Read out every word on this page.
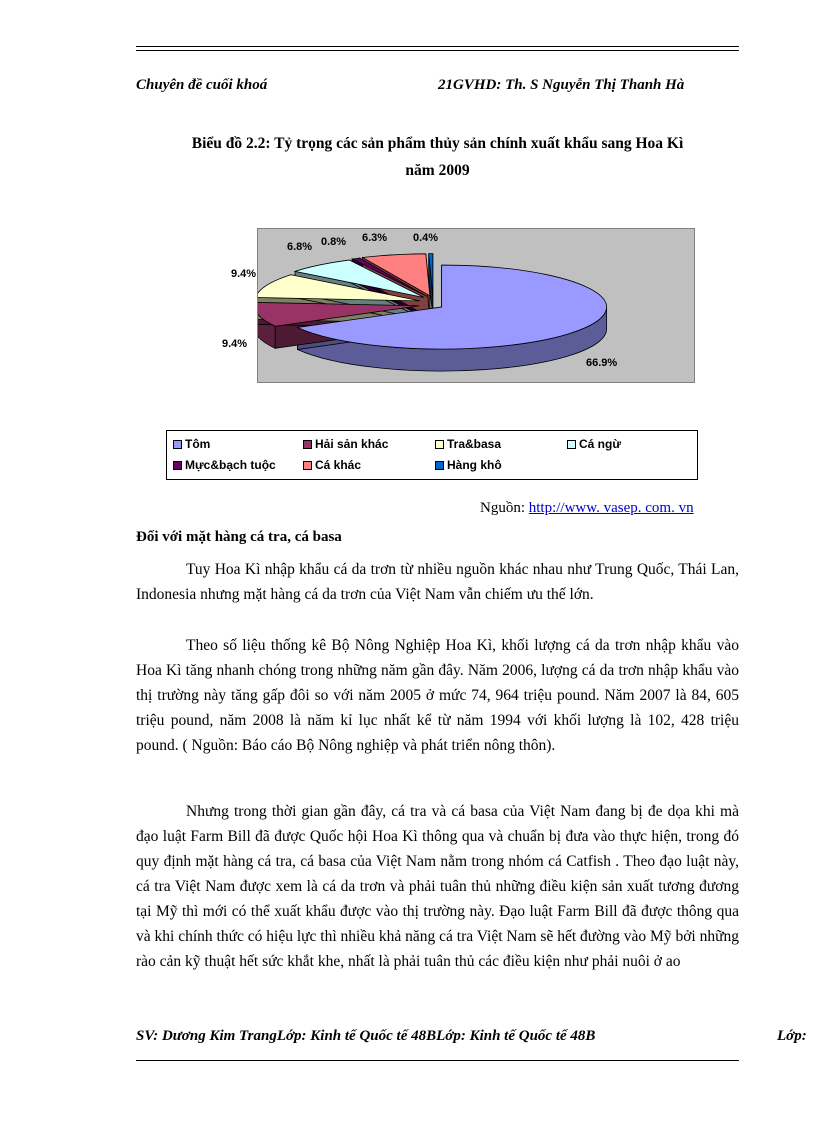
Chuyên đề cuối khoá	21GVHD: Th. S Nguyễn Thị Thanh Hà
Biểu đồ 2.2: Tỷ trọng các sản phẩm thủy sản chính xuất khẩu sang Hoa Kì
năm 2009
66.9%
9.4%
9.4%
6.8% 0.8% 6.3% 0.4%
Tôm	Hải sản khác	Tra&basa	Cá ngừ
Mực&bạch tuộc	Cá khác	Hàng khô
Nguồn: http://www. vasep. com. vn
Đối với mặt hàng cá tra, cá basa
Tuy Hoa Kì nhập khẩu cá da trơn từ nhiều nguồn khác nhau như Trung Quốc, Thái Lan, Indonesia nhưng mặt hàng cá da trơn của Việt Nam vẫn chiếm ưu thế lớn.
Theo số liệu thống kê Bộ Nông Nghiệp Hoa Kì, khối lượng cá da trơn nhập khẩu vào Hoa Kì tăng nhanh chóng trong những năm gần đây. Năm 2006, lượng cá da trơn nhập khẩu vào thị trường này tăng gấp đôi so với năm 2005 ở mức 74, 964 triệu pound. Năm 2007 là 84, 605 triệu pound, năm 2008 là năm kỉ lục nhất kể từ năm 1994 với khối lượng là 102, 428 triệu pound. ( Nguồn: Báo cáo Bộ Nông nghiệp và phát triển nông thôn).
Nhưng trong thời gian gần đây, cá tra và cá basa của Việt Nam đang bị đe dọa khi mà đạo luật Farm Bill đã được Quốc hội Hoa Kì thông qua và chuẩn bị đưa vào thực hiện, trong đó quy định mặt hàng cá tra, cá basa của Việt Nam nằm trong nhóm cá Catfish . Theo đạo luật này, cá tra Việt Nam được xem là cá da trơn và phải tuân thủ những điều kiện sản xuất tương đương tại Mỹ thì mới có thể xuất khẩu được vào thị trường này. Đạo luật Farm Bill đã được thông qua và khi chính thức có hiệu lực thì nhiều khả năng cá tra Việt Nam sẽ hết đường vào Mỹ bởi những rào cản kỹ thuật hết sức khắt khe, nhất là phải tuân thủ các điều kiện như phải nuôi ở ao
SV: Dương Kim TrangLớp: Kinh tế Quốc tế 48BLớp: Kinh tế Quốc tế 48B	Lớp:
